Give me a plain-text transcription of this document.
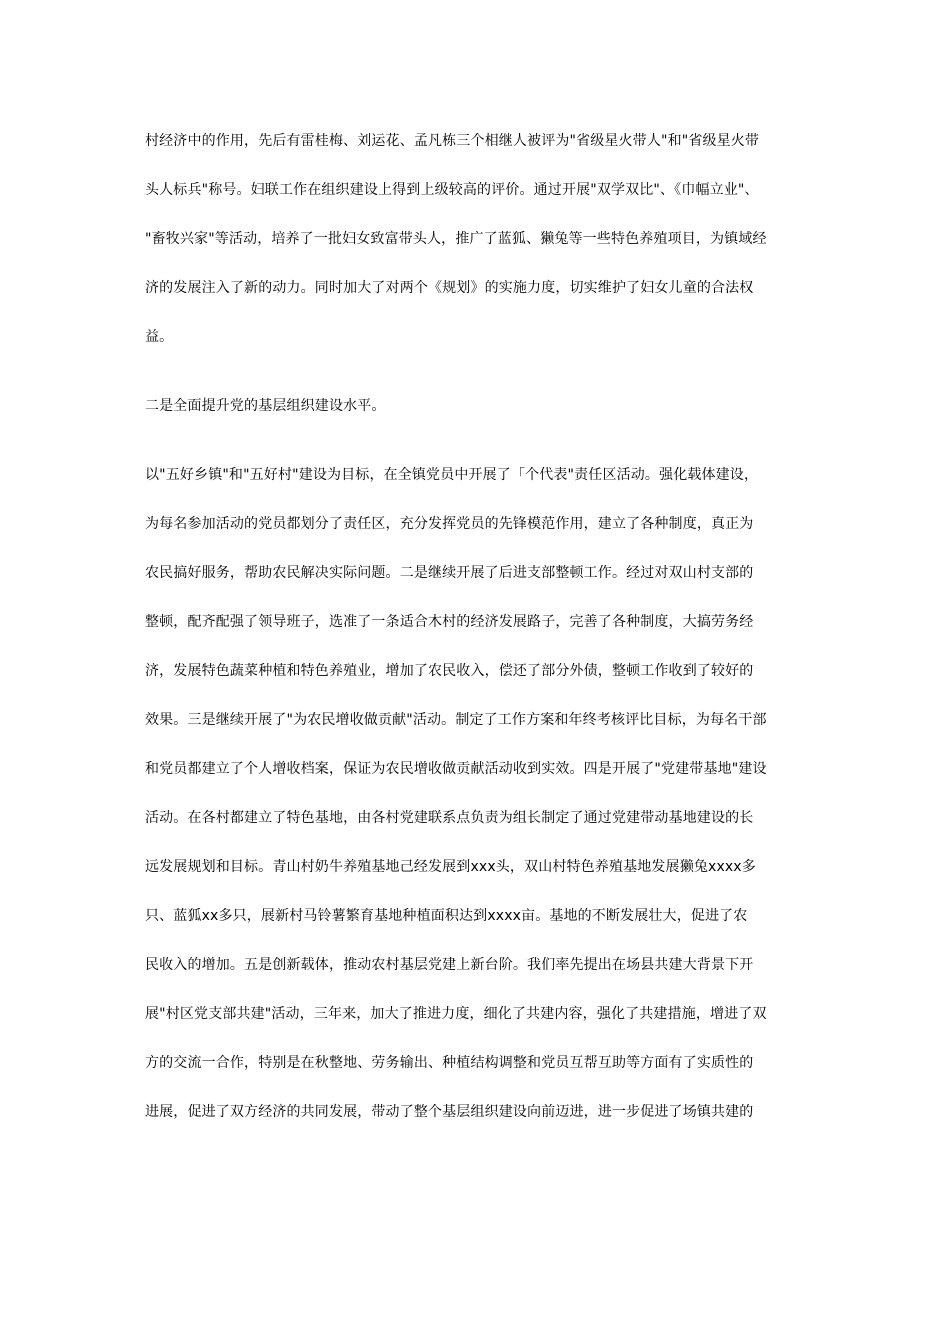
村经济中的作用，先后有雷桂梅、刘运花、孟凡栋三个相继人被评为"省级星火带人"和"省级星火带
头人标兵"称号。妇联工作在组织建设上得到上级较高的评价。通过开展"双学双比"、《巾幅立业"、
"畜牧兴家"等活动，培养了一批妇女致富带头人，推广了蓝狐、獭兔等一些特色养殖项目，为镇域经
济的发展注入了新的动力。同时加大了对两个《规划》的实施力度，切实维护了妇女儿童的合法权
益。
二是全面提升党的基层组织建设水平。
以"五好乡镇"和"五好村"建设为目标，在全镇党员中开展了「个代表"责任区活动。强化载体建设，
为每名参加活动的党员都划分了责任区，充分发挥党员的先锋模范作用，建立了各种制度，真正为
农民搞好服务，帮助农民解决实际问题。二是继续开展了后进支部整顿工作。经过对双山村支部的
整顿，配齐配强了领导班子，选准了一条适合木村的经济发展路子，完善了各种制度，大搞劳务经
济，发展特色蔬菜种植和特色养殖业，增加了农民收入，偿还了部分外债，整顿工作收到了较好的
效果。三是继续开展了"为农民增收做贡献"活动。制定了工作方案和年终考核评比目标，为每名干部
和党员都建立了个人增收档案，保证为农民增收做贡献活动收到实效。四是开展了"党建带基地"建设
活动。在各村都建立了特色基地，由各村党建联系点负责为组长制定了通过党建带动基地建设的长
远发展规划和目标。青山村奶牛养殖基地己经发展到xxx头，双山村特色养殖基地发展獭兔xxxx多
只、蓝狐xx多只，展新村马铃薯繁育基地种植面积达到xxxx亩。基地的不断发展壮大，促进了农
民收入的增加。五是创新载体，推动农村基层党建上新台阶。我们率先提出在场县共建大背景下开
展"村区党支部共建"活动，三年来，加大了推进力度，细化了共建内容，强化了共建措施，增进了双
方的交流一合作，特别是在秋整地、劳务输出、种植结构调整和党员互帮互助等方面有了实质性的
进展，促进了双方经济的共同发展，带动了整个基层组织建设向前迈进，进一步促进了场镇共建的
